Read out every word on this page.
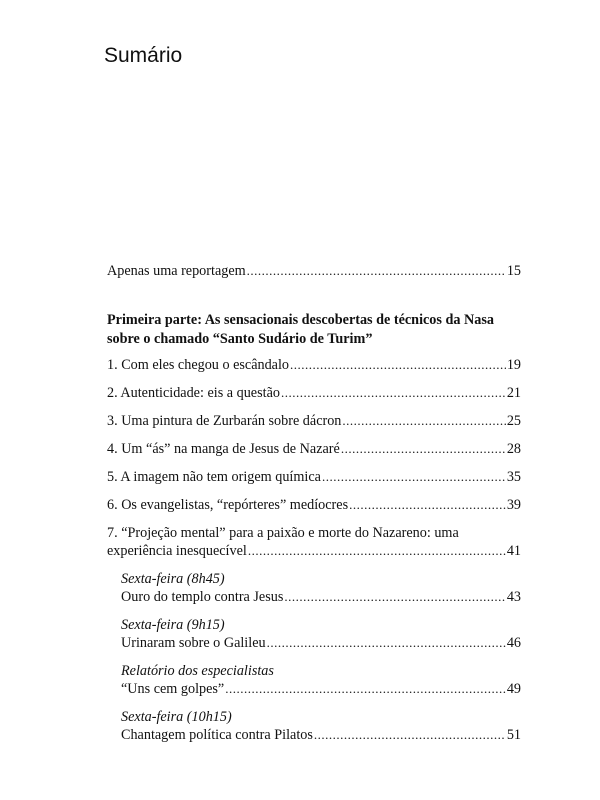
Sumário
Apenas uma reportagem .....	15
Primeira parte: As sensacionais descobertas de técnicos da Nasa
sobre o chamado “Santo Sudário de Turim”
1. Com eles chegou o escândalo .....	19
2. Autenticidade: eis a questão .....	21
3. Uma pintura de Zurbarán sobre dácron .....	25
4. Um “ás” na manga de Jesus de Nazaré .....	28
5. A imagem não tem origem química .....	35
6. Os evangelistas, “repórteres” medíocres .....	39
7. “Projeção mental” para a paixão e morte do Nazareno: uma
experiência inesquecível .....	41
Sexta-feira (8h45)
Ouro do templo contra Jesus .....	43
Sexta-feira (9h15)
Urinaram sobre o Galileu .....	46
Relatório dos especialistas
“Uns cem golpes” .....	49
Sexta-feira (10h15)
Chantagem política contra Pilatos .....	51
